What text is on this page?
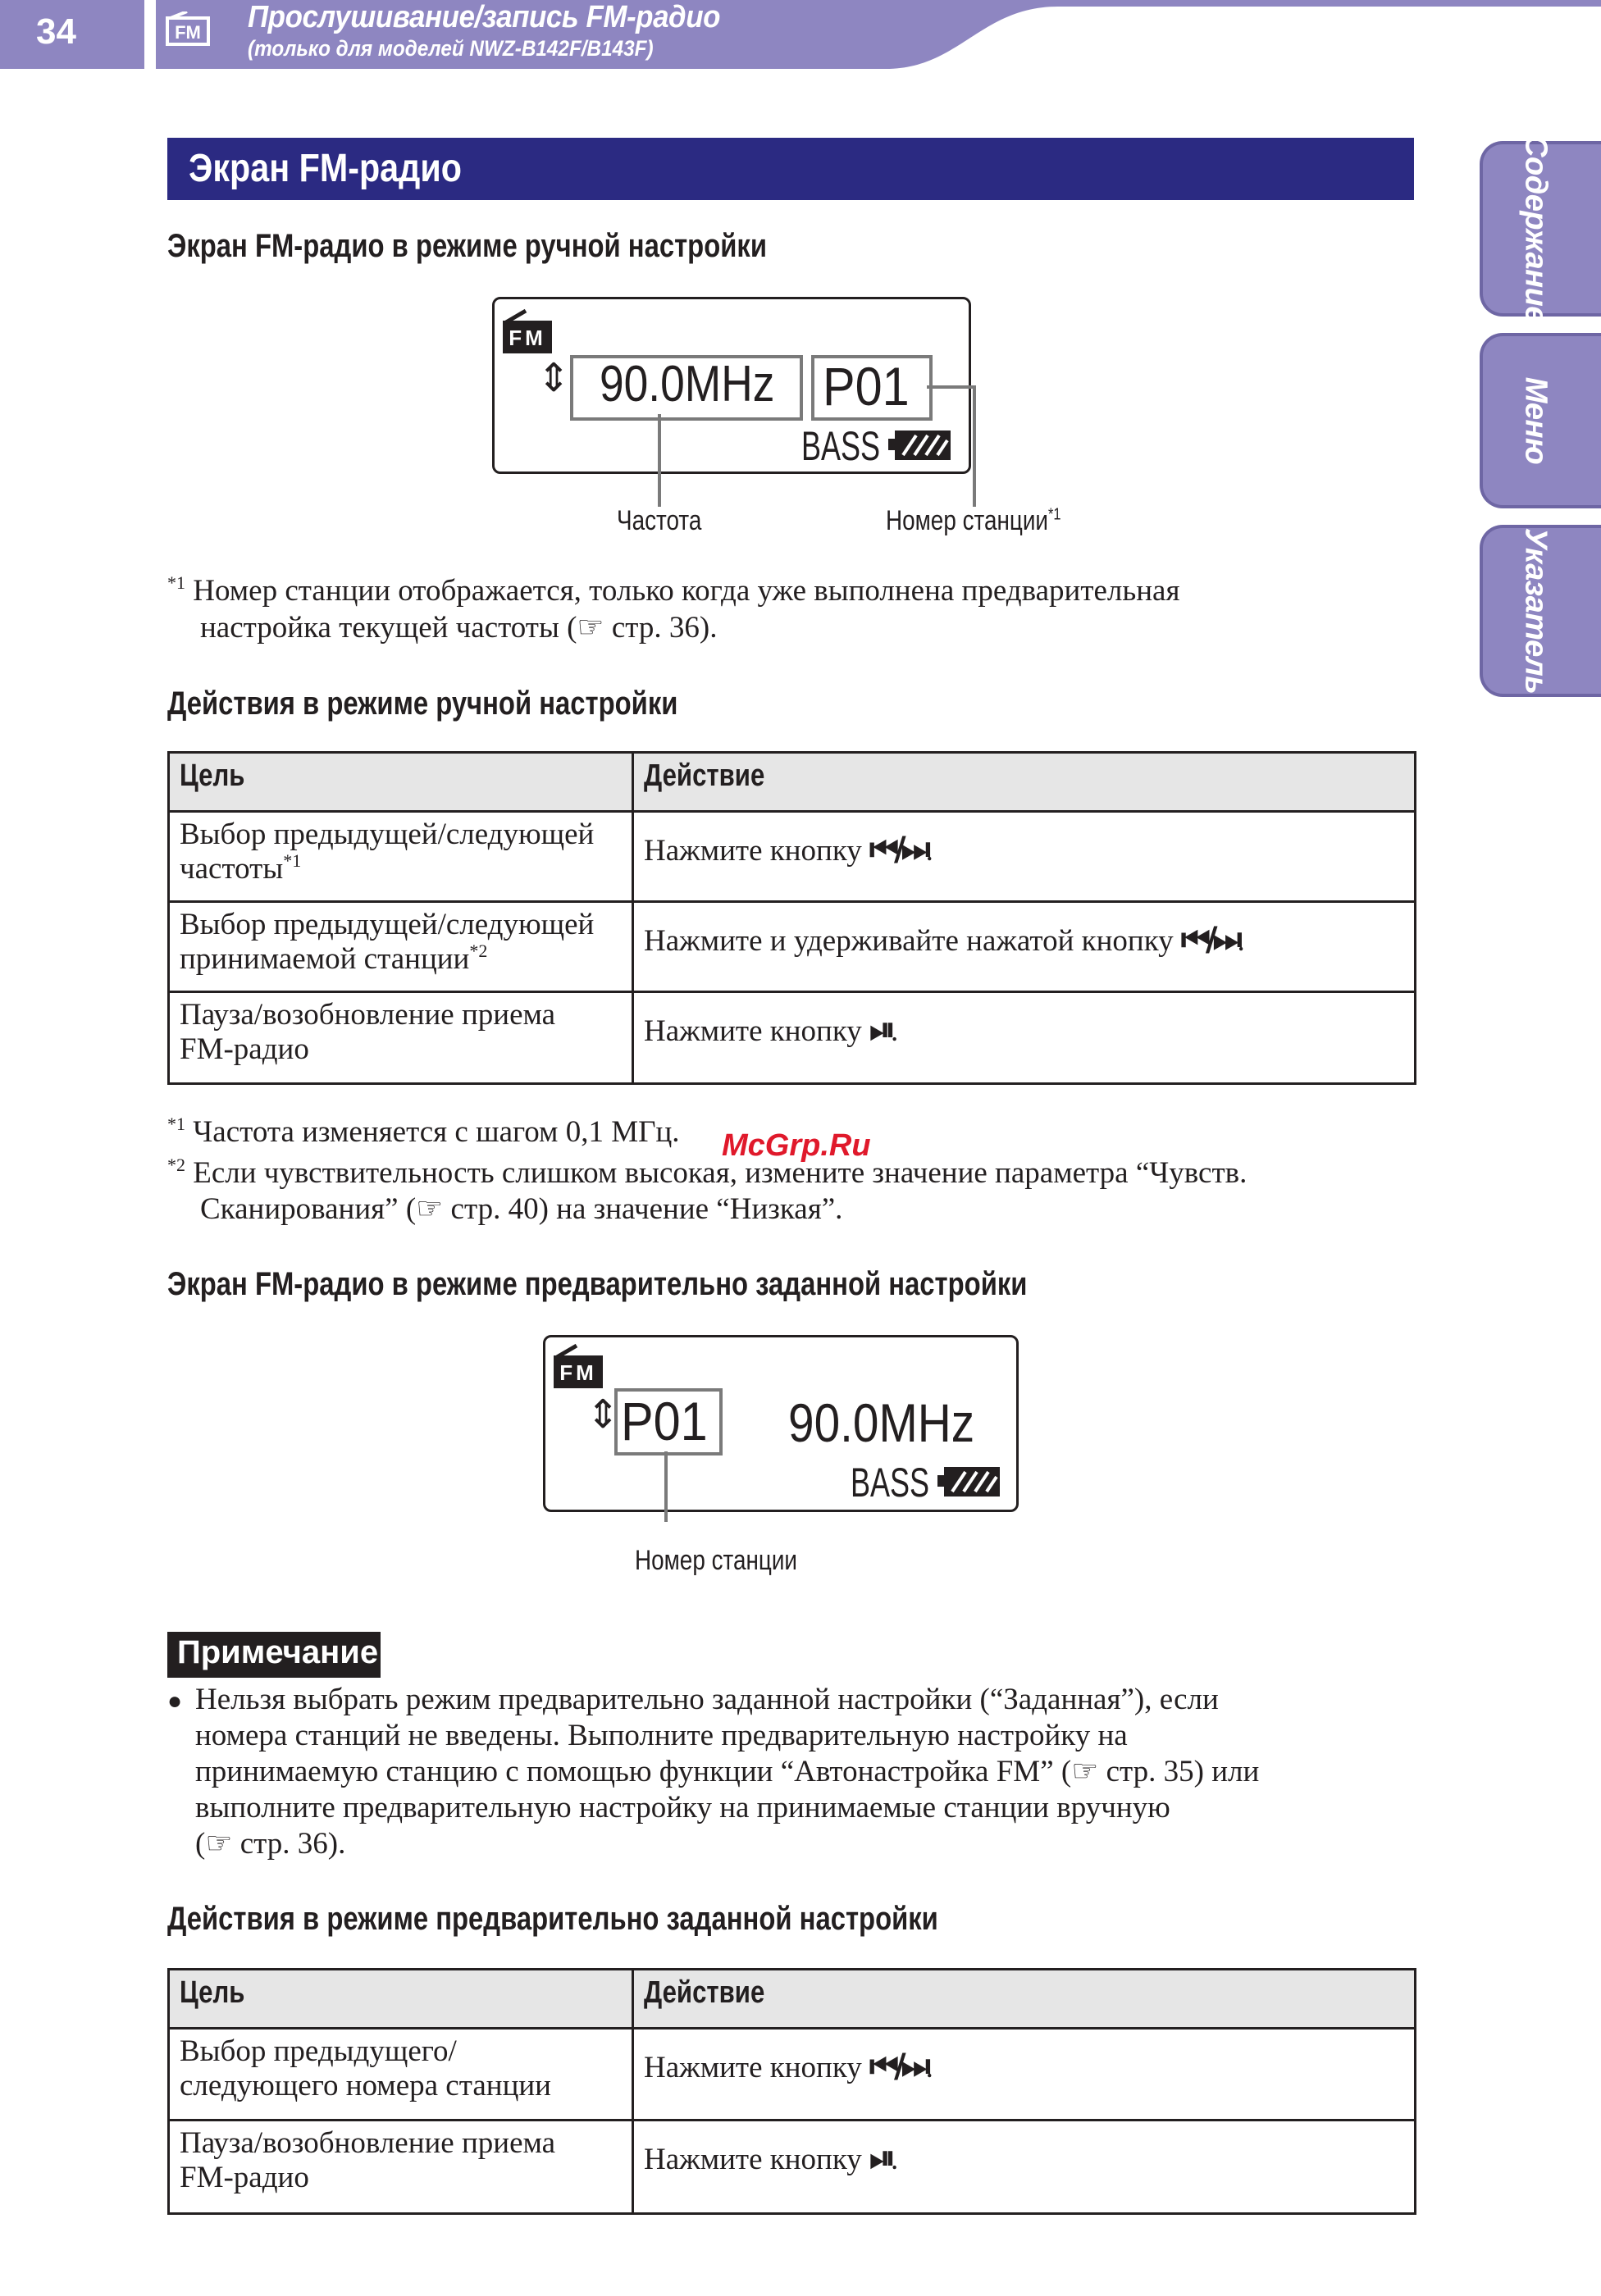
34	FM Прослушивание/запись FM-радио
(только для моделей NWZ-B142F/B143F)
Содержание
Меню
Указатель
Экран FM-радио
Экран FM-радио в режиме ручной настройки
FM
⇕ 90.0MHz P01
BASS
Частота	Номер станции$^{*1}$
$^{*1}$ Номер станции отображается, только когда уже выполнена предварительная
настройка текущей частоты (☞ стр. 36).
Действия в режиме ручной настройки
Цель	Действие
Выбор предыдущей/следующей
частоты$^{*1}$	Нажмите кнопку ⏮/⏭.
Выбор предыдущей/следующей
принимаемой станции$^{*2}$	Нажмите и удерживайте нажатой кнопку ⏮/⏭.
Пауза/возобновление приема
FM-радио	Нажмите кнопку ⏯.
$^{*1}$ Частота изменяется с шагом 0,1 МГц.
$^{*2}$ Если чувствительность слишком высокая, измените значение параметра “Чувств.
Сканирования” (☞ стр. 40) на значение “Низкая”.
McGrp.Ru
Экран FM-радио в режиме предварительно заданной настройки
FM
⇕ P01 90.0MHz
BASS
Номер станции
Примечание
● Нельзя выбрать режим предварительно заданной настройки (“Заданная”), если
номера станций не введены. Выполните предварительную настройку на
принимаемую станцию с помощью функции “Автонастройка FM” (☞ стр. 35) или
выполните предварительную настройку на принимаемые станции вручную
(☞ стр. 36).
Действия в режиме предварительно заданной настройки
Цель	Действие
Выбор предыдущего/
следующего номера станции	Нажмите кнопку ⏮/⏭.
Пауза/возобновление приема
FM-радио	Нажмите кнопку ⏯.
